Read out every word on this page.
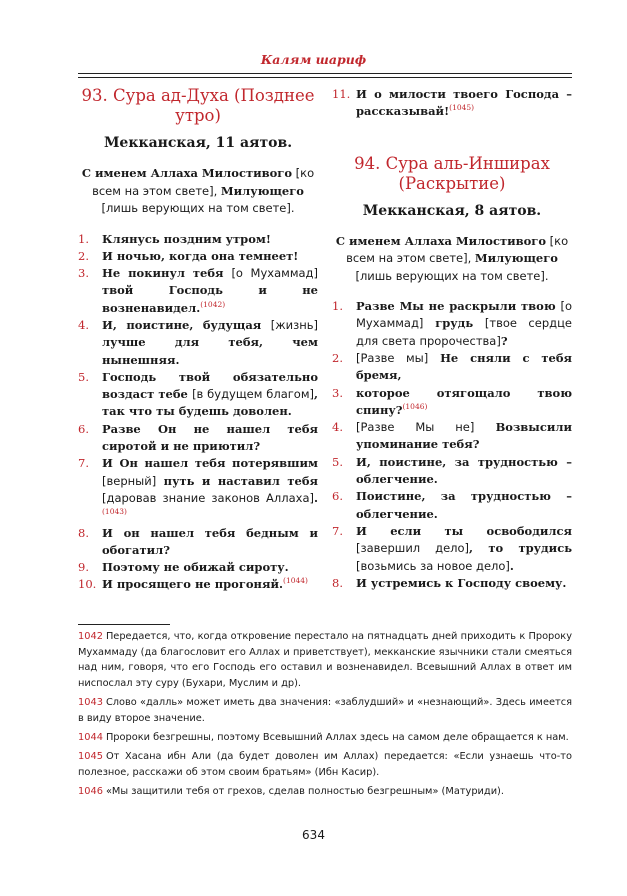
Калям шариф
93. Сура ад-Духа (Позднее утро)
Мекканская, 11 аятов.
С именем Аллаха Милостивого [ко всем на этом свете], Милующего [лишь верующих на том свете].
1.	Клянусь поздним утром!
2.	И ночью, когда она темнеет!
3.	Не покинул тебя [о Мухаммад] твой Господь и не возненавидел.$^{(1042)}$
4.	И, поистине, будущая [жизнь] лучше для тебя, чем нынешняя.
5.	Господь твой обязательно воздаст тебе [в будущем благом], так что ты будешь доволен.
6.	Разве Он не нашел тебя сиротой и не приютил?
7.	И Он нашел тебя потерявшим [верный] путь и наставил тебя [даровав знание законов Аллаха].$^{(1043)}$
8.	И он нашел тебя бедным и обогатил?
9.	Поэтому не обижай сироту.
10. И просящего не прогоняй.$^{(1044)}$
11. И о милости твоего Господа – рассказывай!$^{(1045)}$
94. Сура аль-Инширах (Раскрытие)
Мекканская, 8 аятов.
С именем Аллаха Милостивого [ко всем на этом свете], Милующего [лишь верующих на том свете].
1.	Разве Мы не раскрыли твою [о Мухаммад] грудь [твое сердце для света пророчества]?
2.	[Разве мы] Не сняли с тебя бремя,
3.	которое отягощало твою спину?$^{(1046)}$
4.	[Разве Мы не] Возвысили упоминание тебя?
5.	И, поистине, за трудностью – облегчение.
6.	Поистине, за трудностью – облегчение.
7.	И если ты освободился [завершил дело], то трудись [возьмись за новое дело].
8.	И устремись к Господу своему.

1042 Передается, что, когда откровение перестало на пятнадцать дней приходить к Пророку Мухаммаду (да благословит его Аллах и приветствует), мекканские язычники стали смеяться над ним, говоря, что его Господь его оставил и возненавидел. Всевышний Аллах в ответ им ниспослал эту суру (Бухари, Муслим и др).

1043 Слово «далль» может иметь два значения: «заблудший» и «незнающий». Здесь имеется в виду второе значение.

1044 Пророки безгрешны, поэтому Всевышний Аллах здесь на самом деле обращается к нам.

1045 От Хасана ибн Али (да будет доволен им Аллах) передается: «Если узнаешь что-то полезное, расскажи об этом своим братьям» (Ибн Касир).

1046 «Мы защитили тебя от грехов, сделав полностью безгрешным» (Матуриди).

634
